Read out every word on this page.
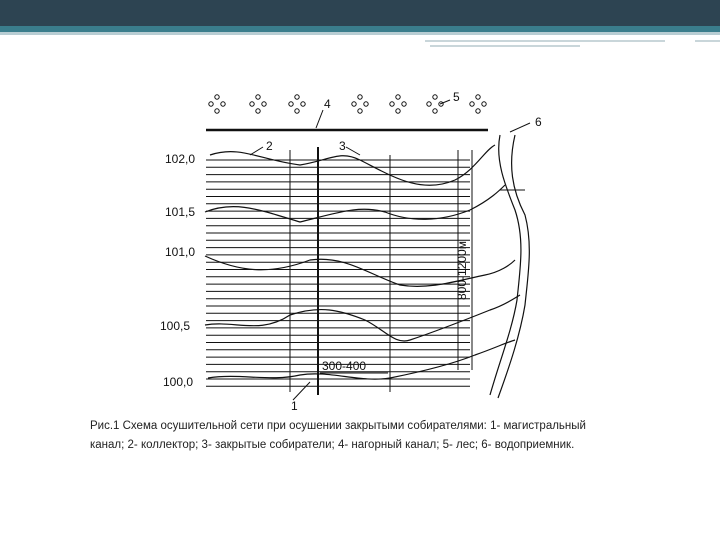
800-1200м
300-400
102,0
101,5
101,0
100,5
100,0
1
2	3
4	5
6
Рис.1 Схема осушительной сети при осушении закрытыми собирателями: 1- магистральный
канал; 2- коллектор; 3- закрытые собиратели; 4- нагорный канал; 5- лес; 6- водоприемник.
